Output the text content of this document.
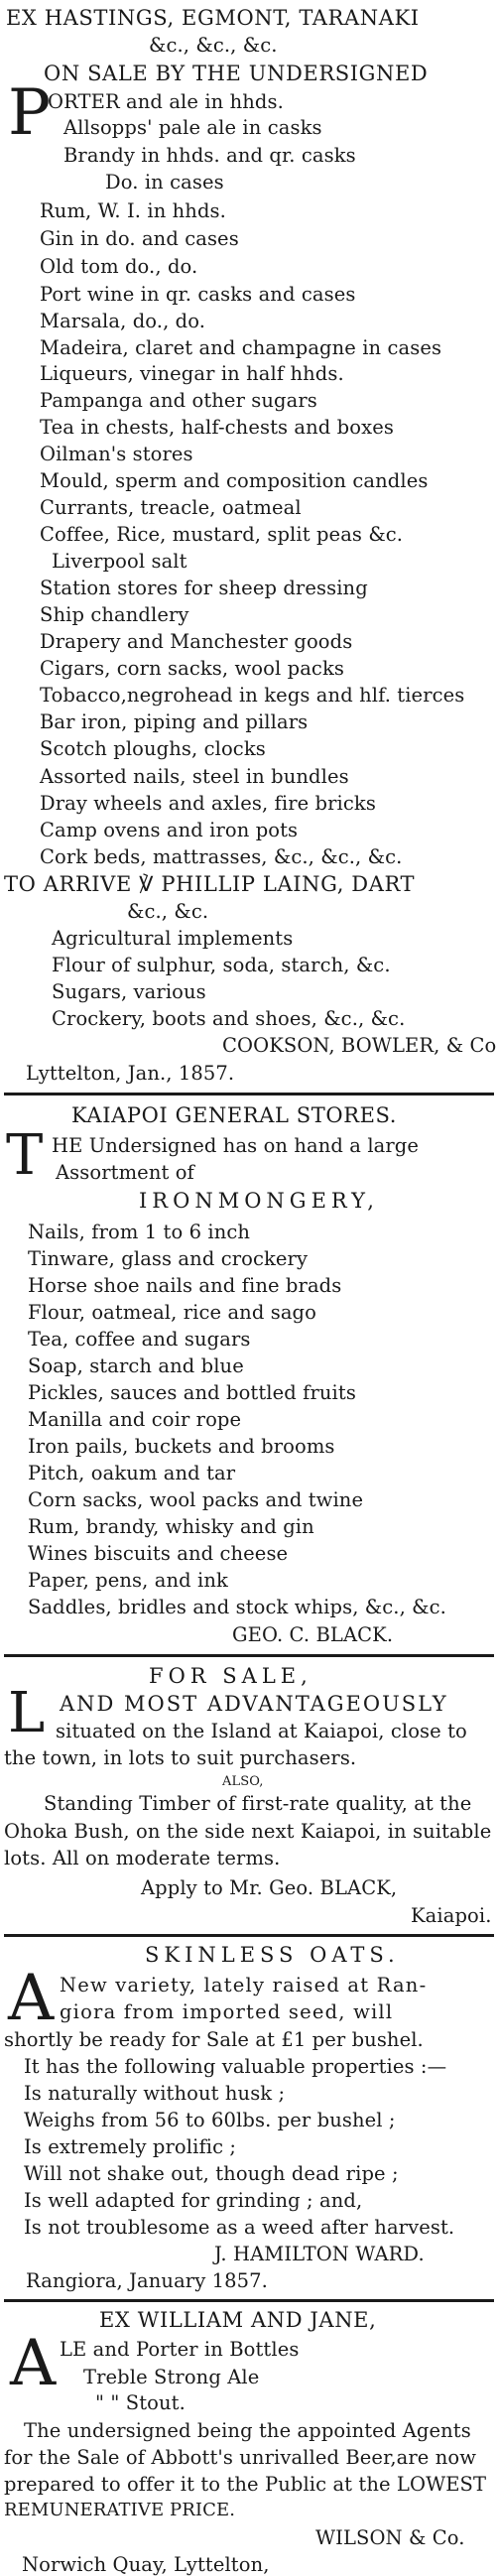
EX HASTINGS, EGMONT, TARANAKI
&c., &c., &c.
ON SALE BY THE UNDERSIGNED
P
ORTER and ale in hhds.
Allsopps' pale ale in casks
Brandy in hhds. and qr. casks
Do. in cases
Rum, W. I. in hhds.
Gin in do. and cases
Old tom do., do.
Port wine in qr. casks and cases
Marsala, do., do.
Madeira, claret and champagne in cases
Liqueurs, vinegar in half hhds.
Pampanga and other sugars
Tea in chests, half-chests and boxes
Oilman's stores
Mould, sperm and composition candles
Currants, treacle, oatmeal
Coffee, Rice, mustard, split peas &c.
Liverpool salt
Station stores for sheep dressing
Ship chandlery
Drapery and Manchester goods
Cigars, corn sacks, wool packs
Tobacco,negrohead in kegs and hlf. tierces
Bar iron, piping and pillars
Scotch ploughs, clocks
Assorted nails, steel in bundles
Dray wheels and axles, fire bricks
Camp ovens and iron pots
Cork beds, mattrasses, &c., &c., &c.
TO ARRIVE ℣ PHILLIP LAING, DART
&c., &c.
Agricultural implements
Flour of sulphur, soda, starch, &c.
Sugars, various
Crockery, boots and shoes, &c., &c.
COOKSON, BOWLER, & Co
Lyttelton, Jan., 1857.
KAIAPOI GENERAL STORES.
T HE Undersigned has on hand a large
Assortment of
IRONMONGERY,
Nails, from 1 to 6 inch
Tinware, glass and crockery
Horse shoe nails and fine brads
Flour, oatmeal, rice and sago
Tea, coffee and sugars
Soap, starch and blue
Pickles, sauces and bottled fruits
Manilla and coir rope
Iron pails, buckets and brooms
Pitch, oakum and tar
Corn sacks, wool packs and twine
Rum, brandy, whisky and gin
Wines biscuits and cheese
Paper, pens, and ink
Saddles, bridles and stock whips, &c., &c.
GEO. C. BLACK.
FOR SALE,
L AND MOST ADVANTAGEOUSLY
situated on the Island at Kaiapoi, close to
the town, in lots to suit purchasers.
ALSO,
Standing Timber of first-rate quality, at the
Ohoka Bush, on the side next Kaiapoi, in suitable
lots. All on moderate terms.
Apply to Mr. Geo. BLACK,
Kaiapoi.
SKINLESS OATS.
A New variety, lately raised at Ran-
giora from imported seed, will
shortly be ready for Sale at £1 per bushel.
It has the following valuable properties :—
Is naturally without husk ;
Weighs from 56 to 60lbs. per bushel ;
Is extremely prolific ;
Will not shake out, though dead ripe ;
Is well adapted for grinding ; and,
Is not troublesome as a weed after harvest.
J. HAMILTON WARD.
Rangiora, January 1857.
EX WILLIAM AND JANE,
A LE and Porter in Bottles
Treble Strong Ale
" " Stout.
The undersigned being the appointed Agents
for the Sale of Abbott's unrivalled Beer,are now
prepared to offer it to the Public at the LOWEST
REMUNERATIVE PRICE.
WILSON & Co.
Norwich Quay, Lyttelton,
